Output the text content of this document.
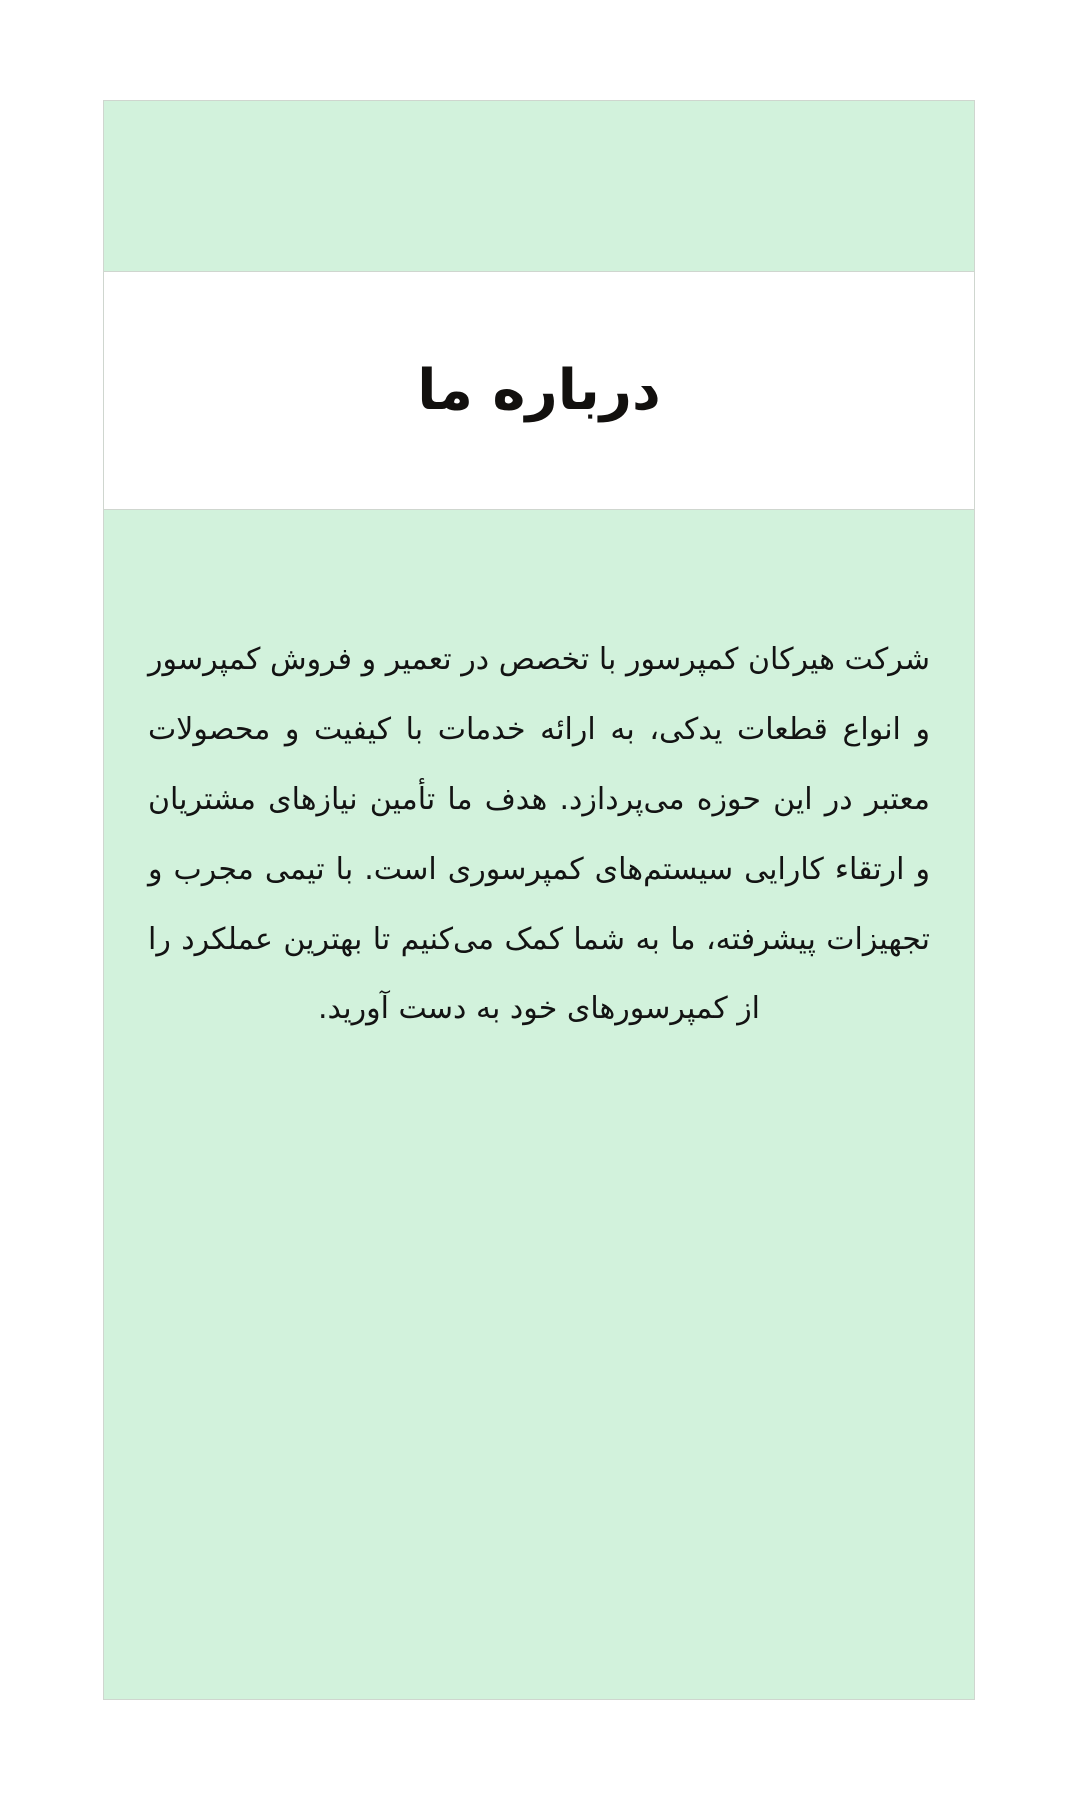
درباره ما

شرکت هیرکان کمپرسور با تخصص در تعمیر و فروش کمپرسور و انواع قطعات یدکی، به ارائه خدمات با کیفیت و محصولات معتبر در این حوزه می‌پردازد. هدف ما تأمین نیازهای مشتریان و ارتقاء کارایی سیستم‌های کمپرسوری است. با تیمی مجرب و تجهیزات پیشرفته، ما به شما کمک می‌کنیم تا بهترین عملکرد را از کمپرسورهای خود به دست آورید.
